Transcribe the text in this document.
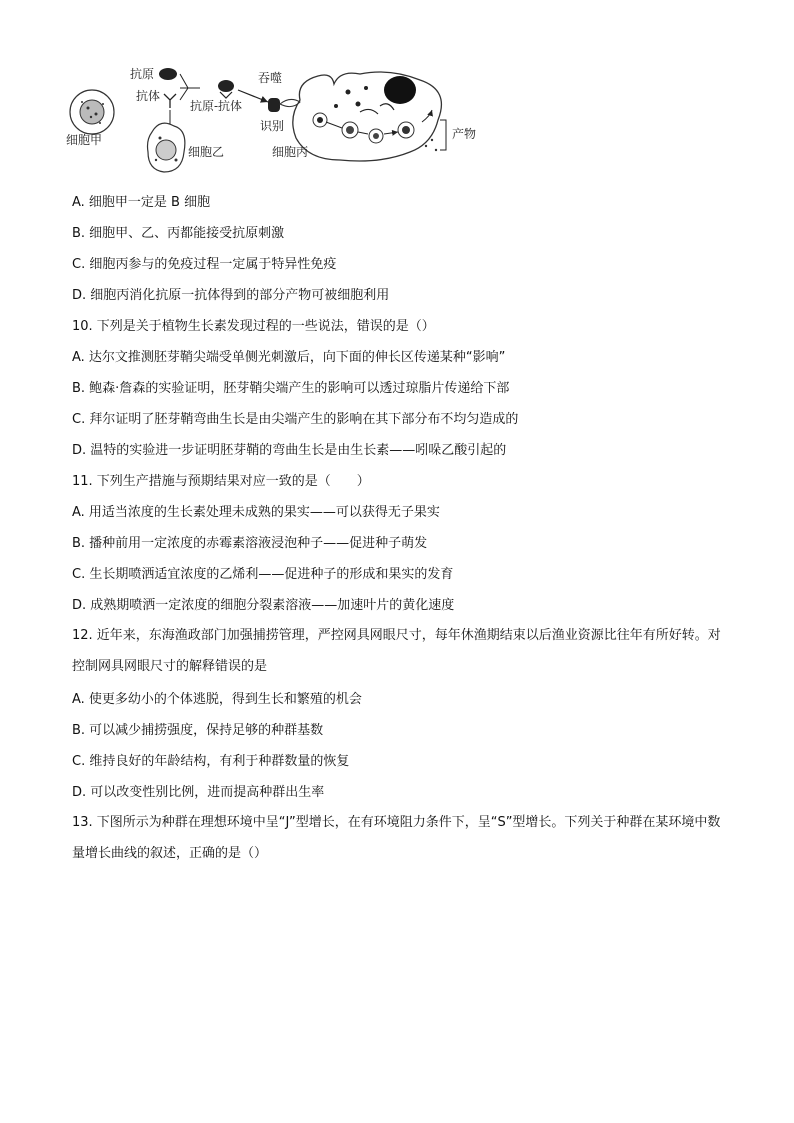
细胞甲
抗原
抗体
细胞乙
抗原-抗体
吞噬
识别
细胞丙
产物
A. 细胞甲一定是 B 细胞
B. 细胞甲、乙、丙都能接受抗原刺激
C. 细胞丙参与的免疫过程一定属于特异性免疫
D. 细胞丙消化抗原一抗体得到的部分产物可被细胞利用
10. 下列是关于植物生长素发现过程的一些说法，错误的是（）
A. 达尔文推测胚芽鞘尖端受单侧光刺激后，向下面的伸长区传递某种“影响”
B. 鲍森·詹森的实验证明，胚芽鞘尖端产生的影响可以透过琼脂片传递给下部
C. 拜尔证明了胚芽鞘弯曲生长是由尖端产生的影响在其下部分布不均匀造成的
D. 温特的实验进一步证明胚芽鞘的弯曲生长是由生长素——吲哚乙酸引起的
11. 下列生产措施与预期结果对应一致的是（　　）
A. 用适当浓度的生长素处理未成熟的果实——可以获得无子果实
B. 播种前用一定浓度的赤霉素溶液浸泡种子——促进种子萌发
C. 生长期喷洒适宜浓度的乙烯利——促进种子的形成和果实的发育
D. 成熟期喷洒一定浓度的细胞分裂素溶液——加速叶片的黄化速度
12. 近年来，东海渔政部门加强捕捞管理，严控网具网眼尺寸，每年休渔期结束以后渔业资源比往年有所好转。对控制网具网眼尺寸的解释错误的是
A. 使更多幼小的个体逃脱，得到生长和繁殖的机会
B. 可以减少捕捞强度，保持足够的种群基数
C. 维持良好的年龄结构，有利于种群数量的恢复
D. 可以改变性别比例，进而提高种群出生率
13. 下图所示为种群在理想环境中呈“J”型增长，在有环境阻力条件下，呈“S”型增长。下列关于种群在某环境中数量增长曲线的叙述，正确的是（）
